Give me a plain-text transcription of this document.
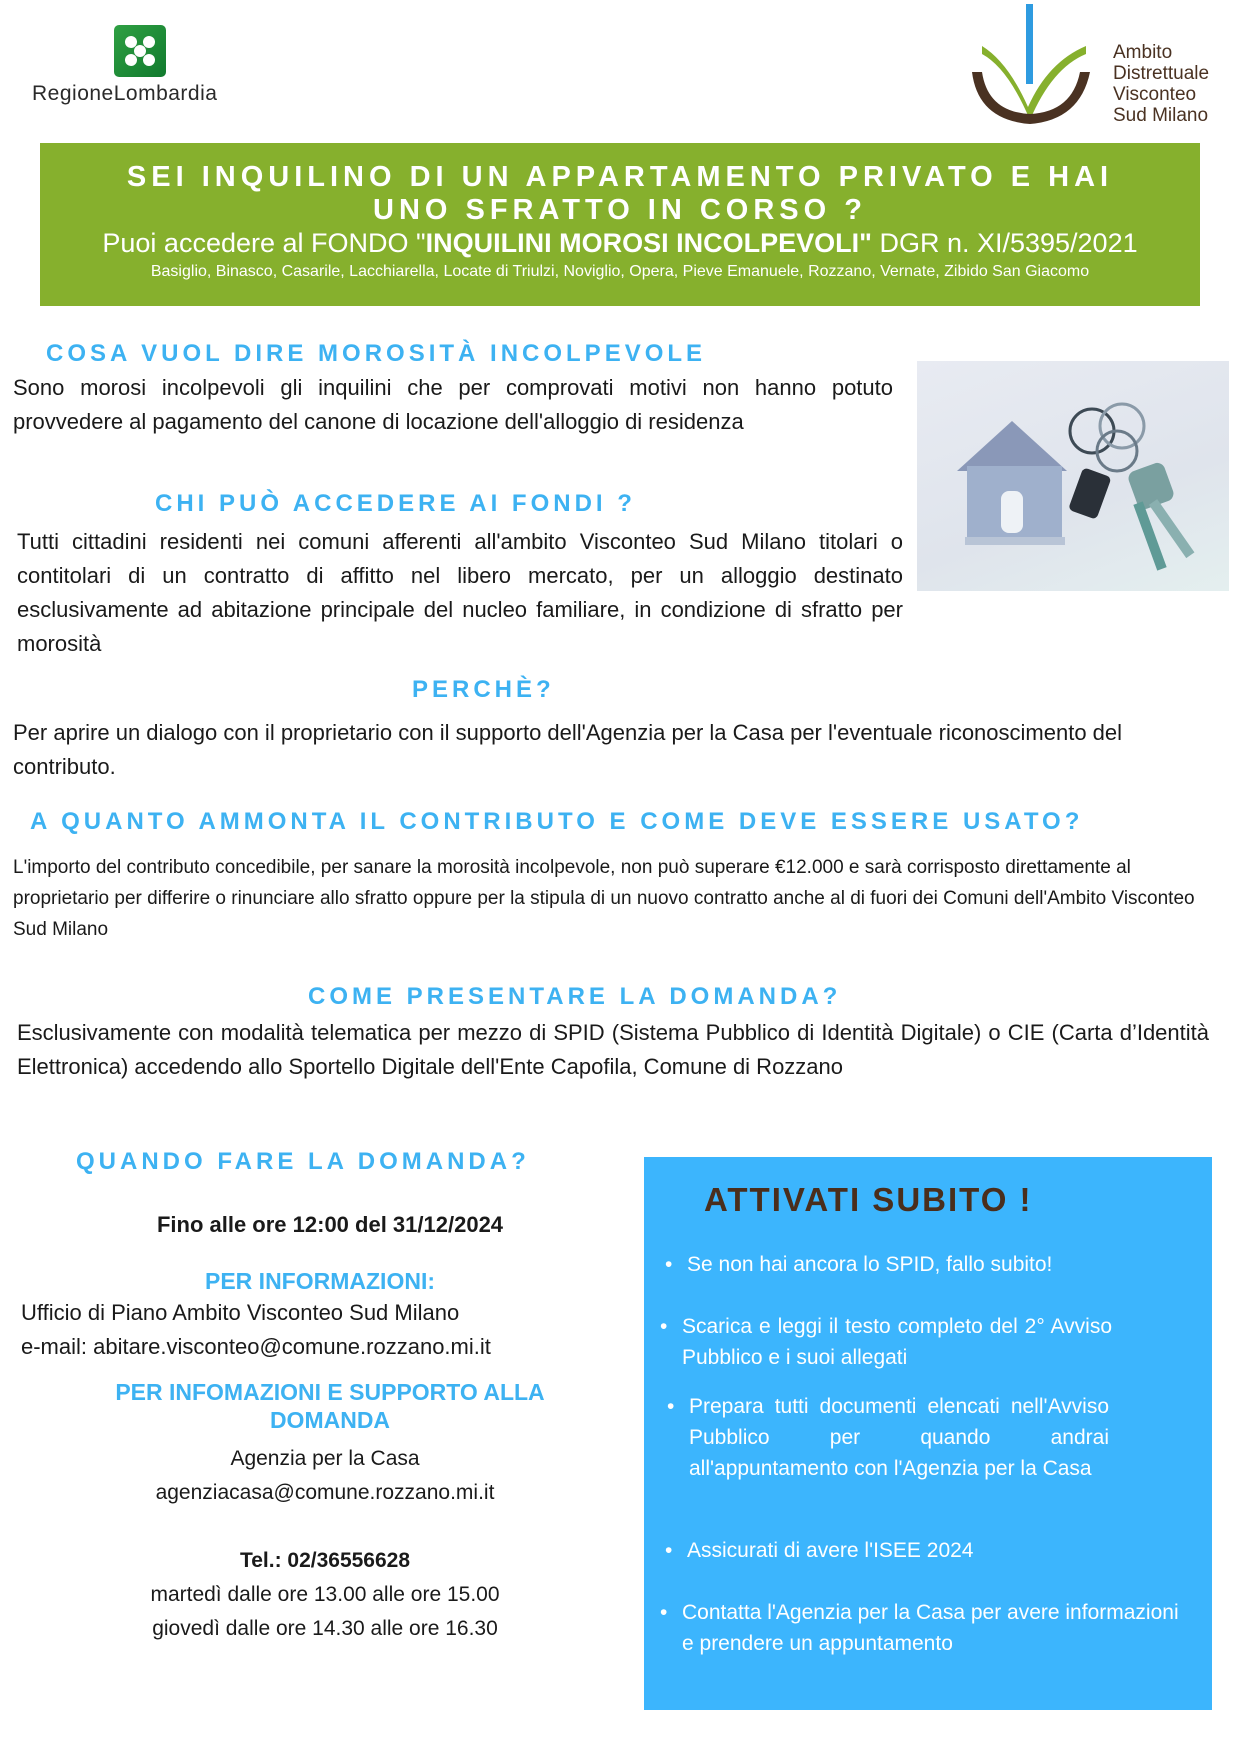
RegioneLombardia
Ambito
Distrettuale
Visconteo
Sud Milano
SEI INQUILINO DI UN APPARTAMENTO PRIVATO E HAI
UNO SFRATTO IN CORSO ?
Puoi accedere al FONDO "INQUILINI MOROSI INCOLPEVOLI" DGR n. XI/5395/2021
Basiglio, Binasco, Casarile, Lacchiarella, Locate di Triulzi, Noviglio, Opera, Pieve Emanuele, Rozzano, Vernate, Zibido San Giacomo
COSA VUOL DIRE MOROSITÀ INCOLPEVOLE
Sono morosi incolpevoli gli inquilini che per comprovati motivi non hanno potuto provvedere al pagamento del canone di locazione dell'alloggio di residenza
CHI PUÒ ACCEDERE AI FONDI ?
Tutti cittadini residenti nei comuni afferenti all'ambito Visconteo Sud Milano titolari o contitolari di un contratto di affitto nel libero mercato, per un alloggio destinato esclusivamente ad abitazione principale del nucleo familiare, in condizione di sfratto per morosità
PERCHÈ?
Per aprire un dialogo con il proprietario con il supporto dell'Agenzia per la Casa per l'eventuale riconoscimento del contributo.
A QUANTO AMMONTA IL CONTRIBUTO E COME DEVE ESSERE USATO?
L'importo del contributo concedibile, per sanare la morosità incolpevole, non può superare €12.000 e sarà corrisposto direttamente al proprietario per differire o rinunciare allo sfratto oppure per la stipula di un nuovo contratto anche al di fuori dei Comuni dell'Ambito Visconteo Sud Milano
COME PRESENTARE LA DOMANDA?
Esclusivamente con modalità telematica per mezzo di SPID (Sistema Pubblico di Identità Digitale) o CIE (Carta d’Identità Elettronica) accedendo allo Sportello Digitale dell'Ente Capofila, Comune di Rozzano
QUANDO FARE LA DOMANDA?
Fino alle ore 12:00 del 31/12/2024
PER INFORMAZIONI:
Ufficio di Piano Ambito Visconteo Sud Milano
e-mail: abitare.visconteo@comune.rozzano.mi.it
PER INFOMAZIONI E SUPPORTO ALLA
DOMANDA
Agenzia per la Casa
agenziacasa@comune.rozzano.mi.it
Tel.: 02/36556628
martedì dalle ore 13.00 alle ore 15.00
giovedì dalle ore 14.30 alle ore 16.30
ATTIVATI SUBITO !
• Se non hai ancora lo SPID, fallo subito!
• Scarica e leggi il testo completo del 2° Avviso Pubblico e i suoi allegati
• Prepara tutti documenti elencati nell'Avviso Pubblico per quando andrai all'appuntamento con l'Agenzia per la Casa
• Assicurati di avere l'ISEE 2024
• Contatta l'Agenzia per la Casa per avere informazioni e prendere un appuntamento
